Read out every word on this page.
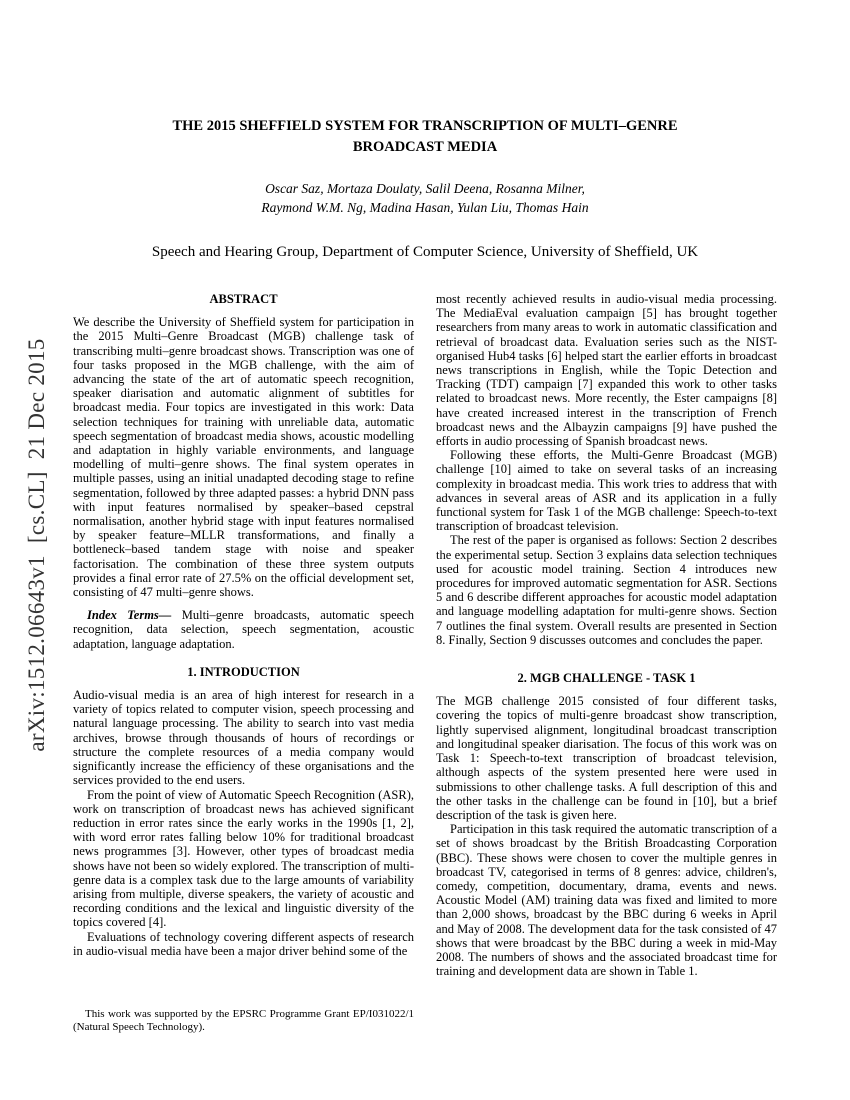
arXiv:1512.06643v1  [cs.CL]  21 Dec 2015
THE 2015 SHEFFIELD SYSTEM FOR TRANSCRIPTION OF MULTI–GENRE
BROADCAST MEDIA
Oscar Saz, Mortaza Doulaty, Salil Deena, Rosanna Milner,
Raymond W.M. Ng, Madina Hasan, Yulan Liu, Thomas Hain
Speech and Hearing Group, Department of Computer Science, University of Sheffield, UK
ABSTRACT

We describe the University of Sheffield system for participation in the 2015 Multi–Genre Broadcast (MGB) challenge task of transcribing multi–genre broadcast shows. Transcription was one of four tasks proposed in the MGB challenge, with the aim of advancing the state of the art of automatic speech recognition, speaker diarisation and automatic alignment of subtitles for broadcast media. Four topics are investigated in this work: Data selection techniques for training with unreliable data, automatic speech segmentation of broadcast media shows, acoustic modelling and adaptation in highly variable environments, and language modelling of multi–genre shows. The final system operates in multiple passes, using an initial unadapted decoding stage to refine segmentation, followed by three adapted passes: a hybrid DNN pass with input features normalised by speaker–based cepstral normalisation, another hybrid stage with input features normalised by speaker feature–MLLR transformations, and finally a bottleneck–based tandem stage with noise and speaker factorisation. The combination of these three system outputs provides a final error rate of 27.5% on the official development set, consisting of 47 multi–genre shows.

Index Terms— Multi–genre broadcasts, automatic speech recognition, data selection, speech segmentation, acoustic adaptation, language adaptation.

1. INTRODUCTION

Audio-visual media is an area of high interest for research in a variety of topics related to computer vision, speech processing and natural language processing. The ability to search into vast media archives, browse through thousands of hours of recordings or structure the complete resources of a media company would significantly increase the efficiency of these organisations and the services provided to the end users.

From the point of view of Automatic Speech Recognition (ASR), work on transcription of broadcast news has achieved significant reduction in error rates since the early works in the 1990s [1, 2], with word error rates falling below 10% for traditional broadcast news programmes [3]. However, other types of broadcast media shows have not been so widely explored. The transcription of multi-genre data is a complex task due to the large amounts of variability arising from multiple, diverse speakers, the variety of acoustic and recording conditions and the lexical and linguistic diversity of the topics covered [4].

Evaluations of technology covering different aspects of research in audio-visual media have been a major driver behind some of the

most recently achieved results in audio-visual media processing. The MediaEval evaluation campaign [5] has brought together researchers from many areas to work in automatic classification and retrieval of broadcast data. Evaluation series such as the NIST-organised Hub4 tasks [6] helped start the earlier efforts in broadcast news transcriptions in English, while the Topic Detection and Tracking (TDT) campaign [7] expanded this work to other tasks related to broadcast news. More recently, the Ester campaigns [8] have created increased interest in the transcription of French broadcast news and the Albayzin campaigns [9] have pushed the efforts in audio processing of Spanish broadcast news.

Following these efforts, the Multi-Genre Broadcast (MGB) challenge [10] aimed to take on several tasks of an increasing complexity in broadcast media. This work tries to address that with advances in several areas of ASR and its application in a fully functional system for Task 1 of the MGB challenge: Speech-to-text transcription of broadcast television.

The rest of the paper is organised as follows: Section 2 describes the experimental setup. Section 3 explains data selection techniques used for acoustic model training. Section 4 introduces new procedures for improved automatic segmentation for ASR. Sections 5 and 6 describe different approaches for acoustic model adaptation and language modelling adaptation for multi-genre shows. Section 7 outlines the final system. Overall results are presented in Section 8. Finally, Section 9 discusses outcomes and concludes the paper.

2. MGB CHALLENGE - TASK 1

The MGB challenge 2015 consisted of four different tasks, covering the topics of multi-genre broadcast show transcription, lightly supervised alignment, longitudinal broadcast transcription and longitudinal speaker diarisation. The focus of this work was on Task 1: Speech-to-text transcription of broadcast television, although aspects of the system presented here were used in submissions to other challenge tasks. A full description of this and the other tasks in the challenge can be found in [10], but a brief description of the task is given here.

Participation in this task required the automatic transcription of a set of shows broadcast by the British Broadcasting Corporation (BBC). These shows were chosen to cover the multiple genres in broadcast TV, categorised in terms of 8 genres: advice, children's, comedy, competition, documentary, drama, events and news. Acoustic Model (AM) training data was fixed and limited to more than 2,000 shows, broadcast by the BBC during 6 weeks in April and May of 2008. The development data for the task consisted of 47 shows that were broadcast by the BBC during a week in mid-May 2008. The numbers of shows and the associated broadcast time for training and development data are shown in Table 1.

This work was supported by the EPSRC Programme Grant EP/I031022/1 (Natural Speech Technology).
